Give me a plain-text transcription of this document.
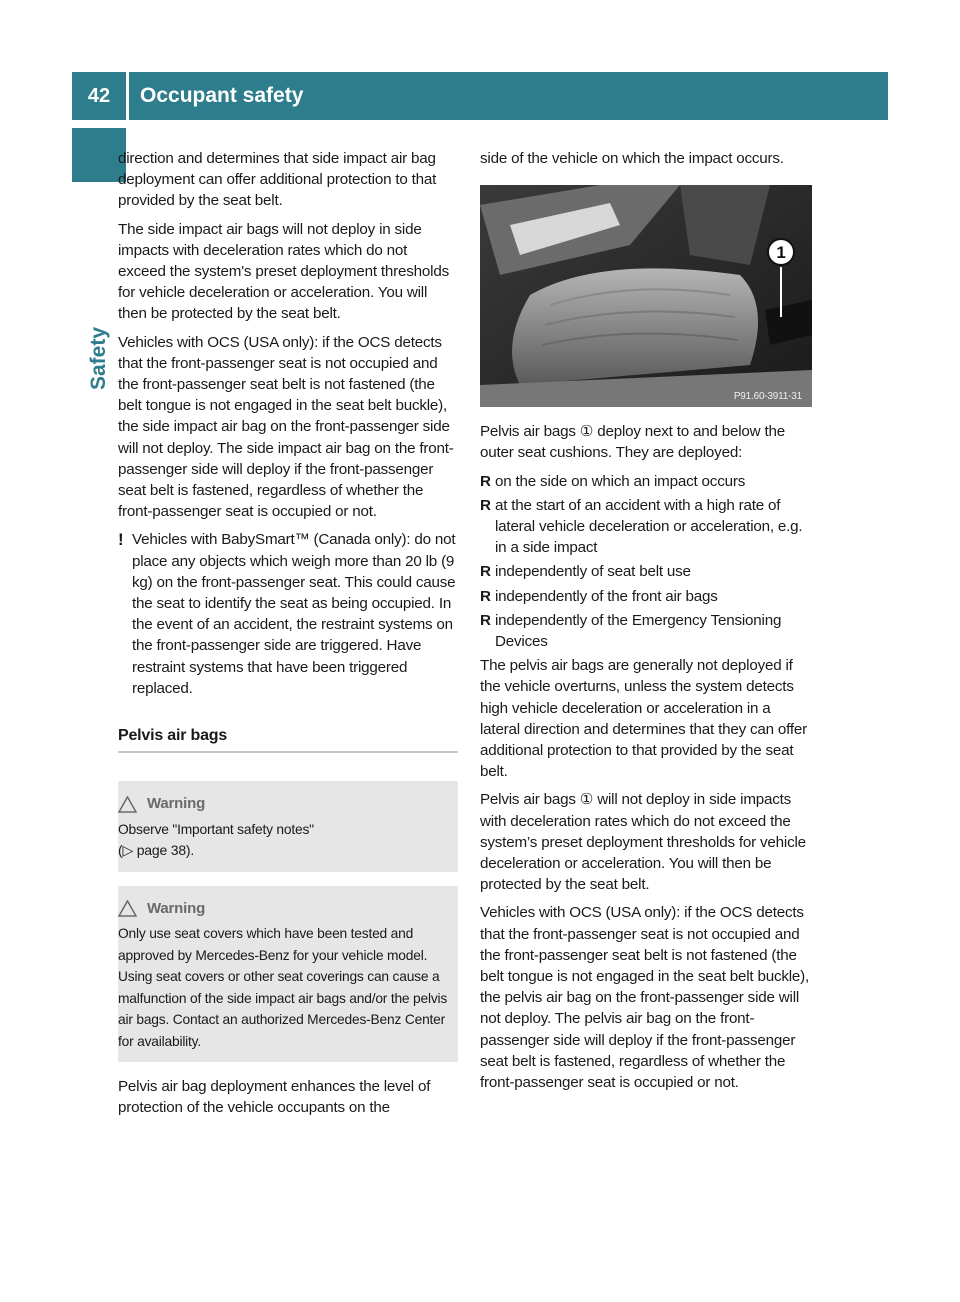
42	Occupant safety
Safety

direction and determines that side impact air bag deployment can offer additional protection to that provided by the seat belt.

The side impact air bags will not deploy in side impacts with deceleration rates which do not exceed the system's preset deployment thresholds for vehicle deceleration or acceleration. You will then be protected by the seat belt.

Vehicles with OCS (USA only): if the OCS detects that the front-passenger seat is not occupied and the front-passenger seat belt is not fastened (the belt tongue is not engaged in the seat belt buckle), the side impact air bag on the front-passenger side will not deploy. The side impact air bag on the front-passenger side will deploy if the front-passenger seat belt is fastened, regardless of whether the front-passenger seat is occupied or not.

! Vehicles with BabySmart™ (Canada only): do not place any objects which weigh more than 20 lb (9 kg) on the front-passenger seat. This could cause the seat to identify the seat as being occupied. In the event of an accident, the restraint systems on the front-passenger side are triggered. Have restraint systems that have been triggered replaced.
Pelvis air bags
Warning
Observe "Important safety notes"
(▷ page 38).
Warning
Only use seat covers which have been tested and approved by Mercedes-Benz for your vehicle model. Using seat covers or other seat coverings can cause a malfunction of the side impact air bags and/or the pelvis air bags. Contact an authorized Mercedes-Benz Center for availability.

Pelvis air bag deployment enhances the level of protection of the vehicle occupants on the

side of the vehicle on which the impact occurs.

1
P91.60-3911-31

Pelvis air bags ① deploy next to and below the outer seat cushions. They are deployed:

R on the side on which an impact occurs
R at the start of an accident with a high rate of lateral vehicle deceleration or acceleration, e.g. in a side impact
R independently of seat belt use
R independently of the front air bags
R independently of the Emergency Tensioning Devices

The pelvis air bags are generally not deployed if the vehicle overturns, unless the system detects high vehicle deceleration or acceleration in a lateral direction and determines that they can offer additional protection to that provided by the seat belt.

Pelvis air bags ① will not deploy in side impacts with deceleration rates which do not exceed the system’s preset deployment thresholds for vehicle deceleration or acceleration. You will then be protected by the seat belt.

Vehicles with OCS (USA only): if the OCS detects that the front-passenger seat is not occupied and the front-passenger seat belt is not fastened (the belt tongue is not engaged in the seat belt buckle), the pelvis air bag on the front-passenger side will not deploy. The pelvis air bag on the front-passenger side will deploy if the front-passenger seat belt is fastened, regardless of whether the front-passenger seat is occupied or not.
